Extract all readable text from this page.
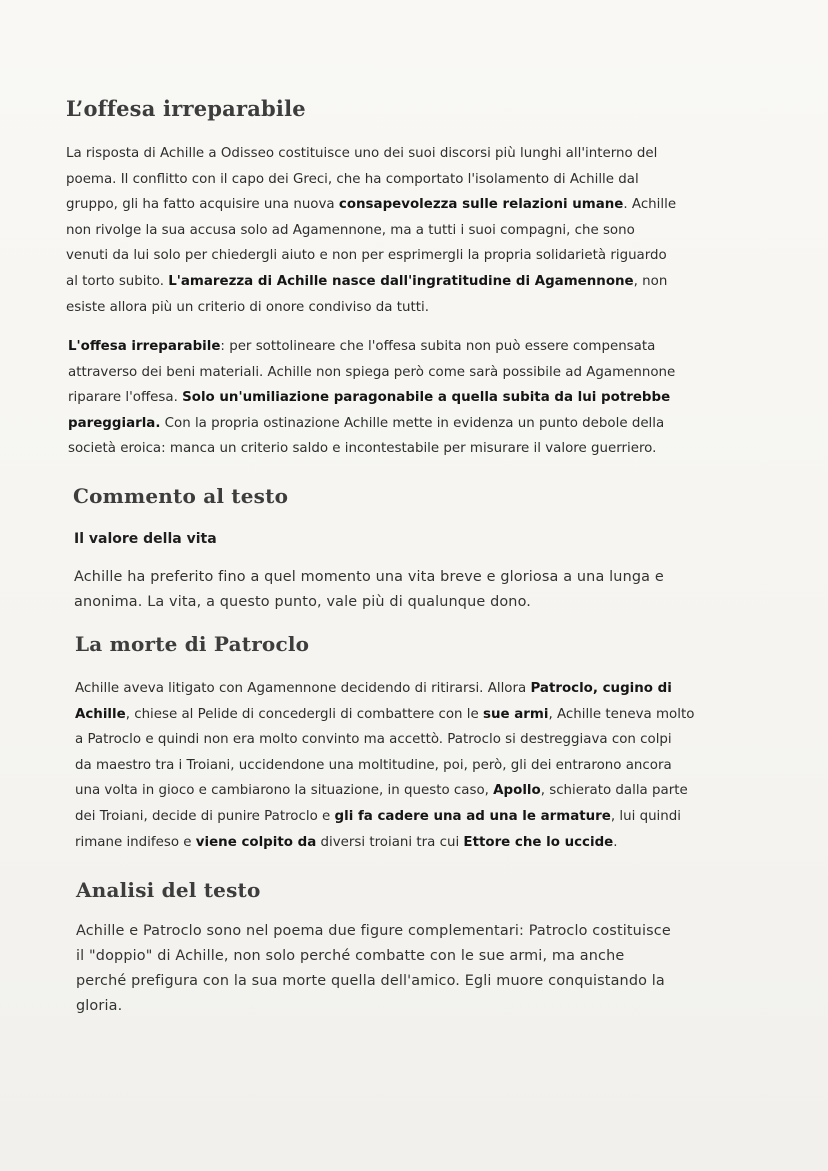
L’offesa irreparabile
La risposta di Achille a Odisseo costituisce uno dei suoi discorsi più lunghi all'interno del
poema. Il conflitto con il capo dei Greci, che ha comportato l'isolamento di Achille dal
gruppo, gli ha fatto acquisire una nuova consapevolezza sulle relazioni umane. Achille
non rivolge la sua accusa solo ad Agamennone, ma a tutti i suoi compagni, che sono
venuti da lui solo per chiedergli aiuto e non per esprimergli la propria solidarietà riguardo
al torto subito. L'amarezza di Achille nasce dall'ingratitudine di Agamennone, non
esiste allora più un criterio di onore condiviso da tutti.
L'offesa irreparabile: per sottolineare che l'offesa subita non può essere compensata
attraverso dei beni materiali. Achille non spiega però come sarà possibile ad Agamennone
riparare l'offesa. Solo un'umiliazione paragonabile a quella subita da lui potrebbe
pareggiarla. Con la propria ostinazione Achille mette in evidenza un punto debole della
società eroica: manca un criterio saldo e incontestabile per misurare il valore guerriero.
Commento al testo
Il valore della vita
Achille ha preferito fino a quel momento una vita breve e gloriosa a una lunga e
anonima. La vita, a questo punto, vale più di qualunque dono.
La morte di Patroclo
Achille aveva litigato con Agamennone decidendo di ritirarsi. Allora Patroclo, cugino di
Achille, chiese al Pelide di concedergli di combattere con le sue armi, Achille teneva molto
a Patroclo e quindi non era molto convinto ma accettò. Patroclo si destreggiava con colpi
da maestro tra i Troiani, uccidendone una moltitudine, poi, però, gli dei entrarono ancora
una volta in gioco e cambiarono la situazione, in questo caso, Apollo, schierato dalla parte
dei Troiani, decide di punire Patroclo e gli fa cadere una ad una le armature, lui quindi
rimane indifeso e viene colpito da diversi troiani tra cui Ettore che lo uccide.
Analisi del testo
Achille e Patroclo sono nel poema due figure complementari: Patroclo costituisce
il "doppio" di Achille, non solo perché combatte con le sue armi, ma anche
perché prefigura con la sua morte quella dell'amico. Egli muore conquistando la
gloria.
